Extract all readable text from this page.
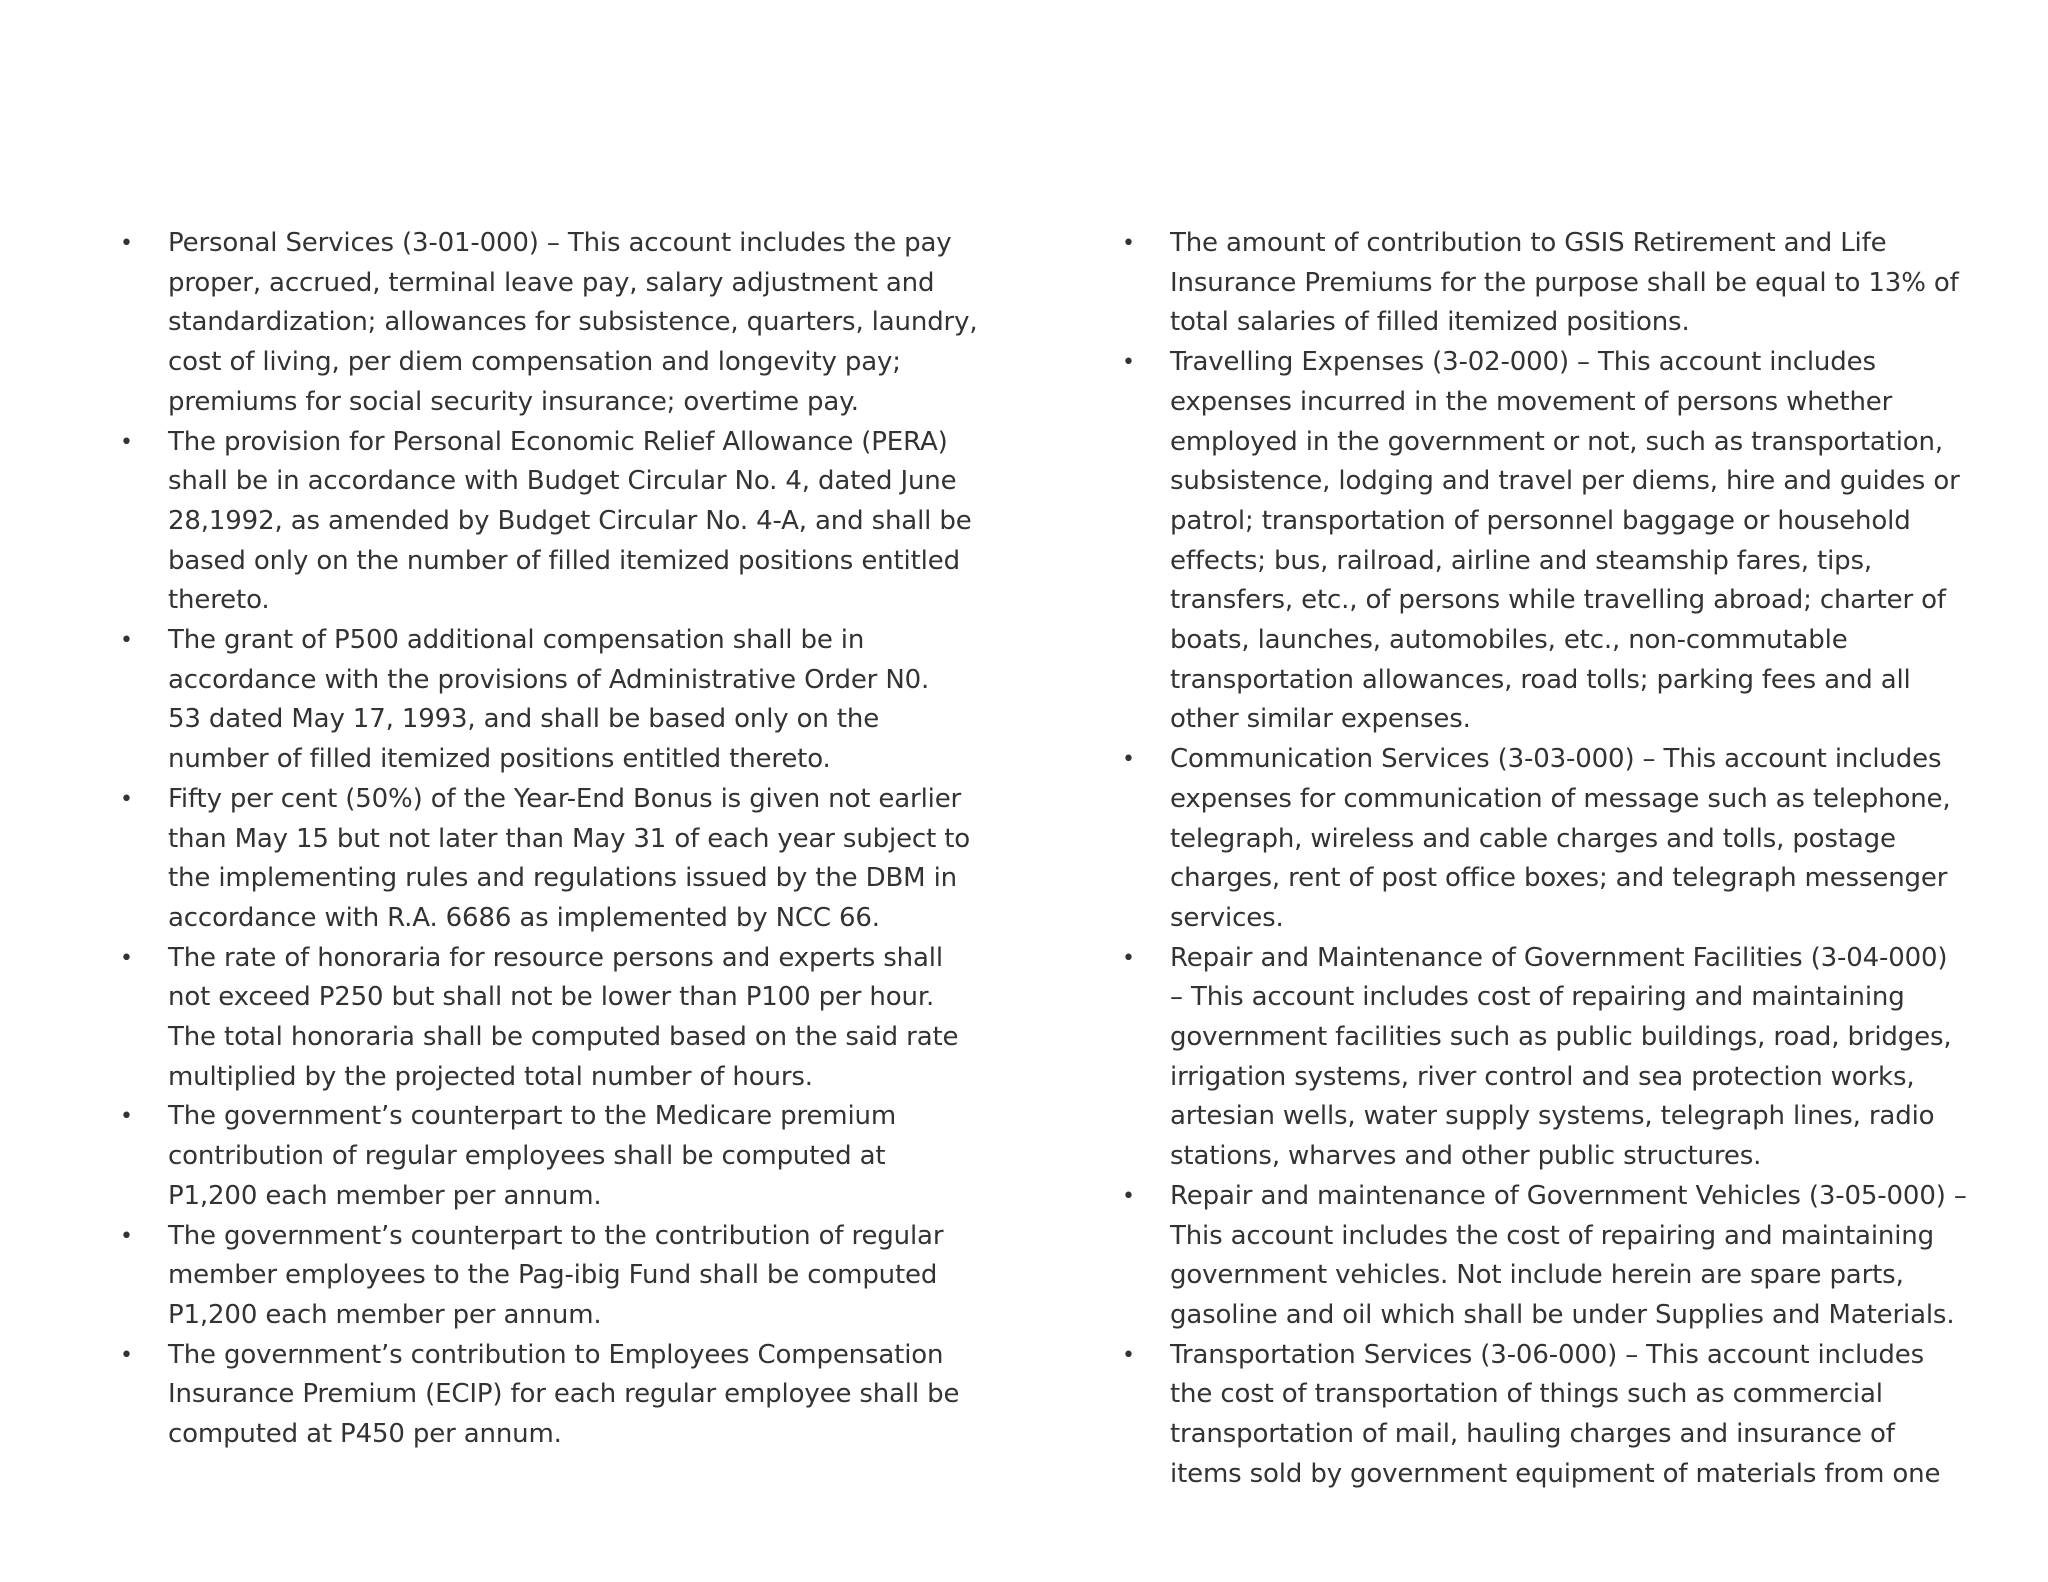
• Personal Services (3-01-000) – This account includes the pay
proper, accrued, terminal leave pay, salary adjustment and
standardization; allowances for subsistence, quarters, laundry,
cost of living, per diem compensation and longevity pay;
premiums for social security insurance; overtime pay.
• The provision for Personal Economic Relief Allowance (PERA)
shall be in accordance with Budget Circular No. 4, dated June
28,1992, as amended by Budget Circular No. 4-A, and shall be
based only on the number of filled itemized positions entitled
thereto.
• The grant of P500 additional compensation shall be in
accordance with the provisions of Administrative Order N0.
53 dated May 17, 1993, and shall be based only on the
number of filled itemized positions entitled thereto.
• Fifty per cent (50%) of the Year-End Bonus is given not earlier
than May 15 but not later than May 31 of each year subject to
the implementing rules and regulations issued by the DBM in
accordance with R.A. 6686 as implemented by NCC 66.
• The rate of honoraria for resource persons and experts shall
not exceed P250 but shall not be lower than P100 per hour.
The total honoraria shall be computed based on the said rate
multiplied by the projected total number of hours.
• The government’s counterpart to the Medicare premium
contribution of regular employees shall be computed at
P1,200 each member per annum.
• The government’s counterpart to the contribution of regular
member employees to the Pag-ibig Fund shall be computed
P1,200 each member per annum.
• The government’s contribution to Employees Compensation
Insurance Premium (ECIP) for each regular employee shall be
computed at P450 per annum.
• The amount of contribution to GSIS Retirement and Life
Insurance Premiums for the purpose shall be equal to 13% of
total salaries of filled itemized positions.
• Travelling Expenses (3-02-000) – This account includes
expenses incurred in the movement of persons whether
employed in the government or not, such as transportation,
subsistence, lodging and travel per diems, hire and guides or
patrol; transportation of personnel baggage or household
effects; bus, railroad, airline and steamship fares, tips,
transfers, etc., of persons while travelling abroad; charter of
boats, launches, automobiles, etc., non-commutable
transportation allowances, road tolls; parking fees and all
other similar expenses.
• Communication Services (3-03-000) – This account includes
expenses for communication of message such as telephone,
telegraph, wireless and cable charges and tolls, postage
charges, rent of post office boxes; and telegraph messenger
services.
• Repair and Maintenance of Government Facilities (3-04-000)
– This account includes cost of repairing and maintaining
government facilities such as public buildings, road, bridges,
irrigation systems, river control and sea protection works,
artesian wells, water supply systems, telegraph lines, radio
stations, wharves and other public structures.
• Repair and maintenance of Government Vehicles (3-05-000) –
This account includes the cost of repairing and maintaining
government vehicles. Not include herein are spare parts,
gasoline and oil which shall be under Supplies and Materials.
• Transportation Services (3-06-000) – This account includes
the cost of transportation of things such as commercial
transportation of mail, hauling charges and insurance of
items sold by government equipment of materials from one
